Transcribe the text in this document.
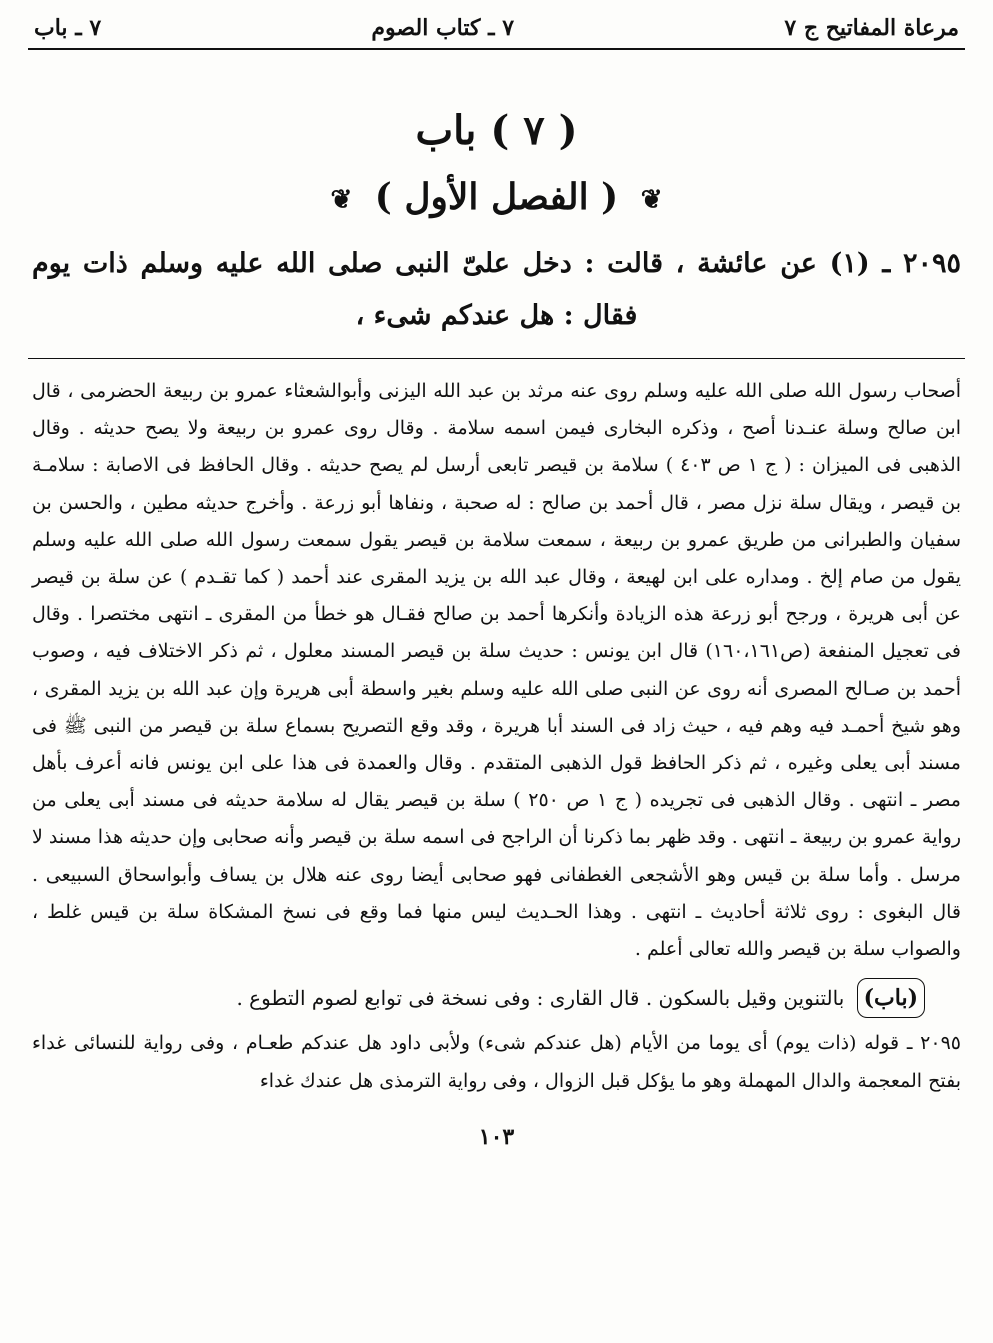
مرعاة المفاتيح ج ٧
٧ ـ كتاب الصوم
٧ ـ باب
( ٧ ) باب
❦ ( الفصل الأول ) ❦
٢٠٩٥ ـ (١) عن عائشة ، قالت : دخل علىّ النبى صلى الله عليه وسلم ذات يوم فقال : هل عندكم شىء ،
أصحاب رسول الله صلى الله عليه وسلم روى عنه مرثد بن عبد الله اليزنى وأبوالشعثاء عمرو بن ربيعة الحضرمى ، قال ابن صالح وسلة عنـدنا أصح ، وذكره البخارى فيمن اسمه سلامة . وقال روى عمرو بن ربيعة ولا يصح حديثه . وقال الذهبى فى الميزان : ( ج ١ ص ٤٠٣ ) سلامة بن قيصر تابعى أرسل لم يصح حديثه . وقال الحافظ فى الاصابة : سلامـة بن قيصر ، ويقال سلة نزل مصر ، قال أحمد بن صالح : له صحبة ، ونفاها أبو زرعة . وأخرج حديثه مطين ، والحسن بن سفيان والطبرانى من طريق عمرو بن ربيعة ، سمعت سلامة بن قيصر يقول سمعت رسول الله صلى الله عليه وسلم يقول من صام إلخ . ومداره على ابن لهيعة ، وقال عبد الله بن يزيد المقرى عند أحمد ( كما تقـدم ) عن سلة بن قيصر عن أبى هريرة ، ورجح أبو زرعة هذه الزيادة وأنكرها أحمد بن صالح فقـال هو خطأ من المقرى ـ انتهى مختصرا . وقال فى تعجيل المنفعة (ص١٦٠،١٦١) قال ابن يونس : حديث سلة بن قيصر المسند معلول ، ثم ذكر الاختلاف فيه ، وصوب أحمد بن صـالح المصرى أنه روى عن النبى صلى الله عليه وسلم بغير واسطة أبى هريرة وإن عبد الله بن يزيد المقرى ، وهو شيخ أحمـد فيه وهم فيه ، حيث زاد فى السند أبا هريرة ، وقد وقع التصريح بسماع سلة بن قيصر من النبى ﷺ فى مسند أبى يعلى وغيره ، ثم ذكر الحافظ قول الذهبى المتقدم . وقال والعمدة فى هذا على ابن يونس فانه أعرف بأهل مصر ـ انتهى . وقال الذهبى فى تجريده ( ج ١ ص ٢٥٠ ) سلة بن قيصر يقال له سلامة حديثه فى مسند أبى يعلى من رواية عمرو بن ربيعة ـ انتهى . وقد ظهر بما ذكرنا أن الراجح فى اسمه سلة بن قيصر وأنه صحابى وإن حديثه هذا مسند لا مرسل . وأما سلة بن قيس وهو الأشجعى الغطفانى فهو صحابى أيضا روى عنه هلال بن يساف وأبواسحاق السبيعى . قال البغوى : روى ثلاثة أحاديث ـ انتهى . وهذا الحـديث ليس منها فما وقع فى نسخ المشكاة سلة بن قيس غلط ، والصواب سلة بن قيصر والله تعالى أعلم .
(باب) بالتنوين وقيل بالسكون . قال القارى : وفى نسخة فى توابع لصوم التطوع .
٢٠٩٥ ـ قوله (ذات يوم) أى يوما من الأيام (هل عندكم شىء) ولأبى داود هل عندكم طعـام ، وفى رواية للنسائى غداء بفتح المعجمة والدال المهملة وهو ما يؤكل قبل الزوال ، وفى رواية الترمذى هل عندك غداء
١٠٣
